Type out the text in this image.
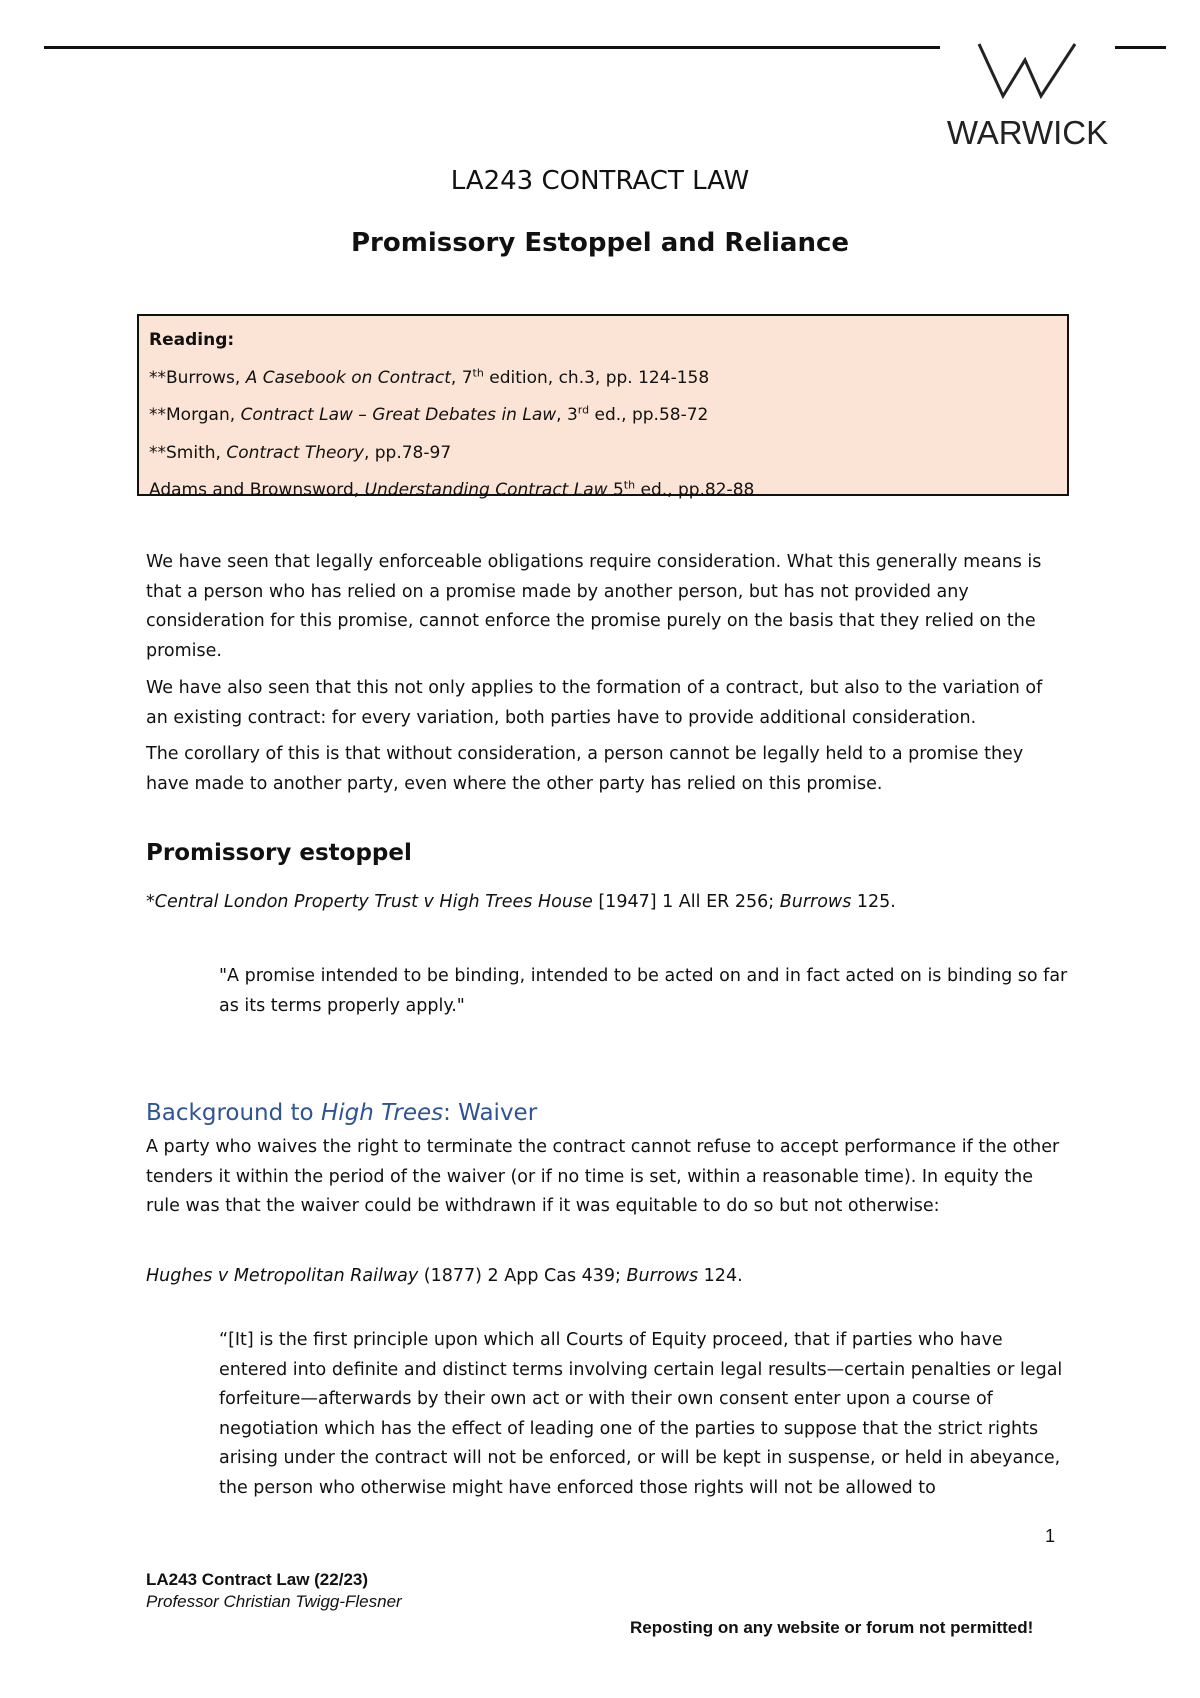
WARWICK
LA243 CONTRACT LAW
Promissory Estoppel and Reliance
Reading:
**Burrows, A Casebook on Contract, 7th edition, ch.3, pp. 124-158
**Morgan, Contract Law – Great Debates in Law, 3rd ed., pp.58-72
**Smith, Contract Theory, pp.78-97
Adams and Brownsword, Understanding Contract Law 5th ed., pp.82-88
We have seen that legally enforceable obligations require consideration. What this generally means is that a person who has relied on a promise made by another person, but has not provided any consideration for this promise, cannot enforce the promise purely on the basis that they relied on the promise.
We have also seen that this not only applies to the formation of a contract, but also to the variation of an existing contract: for every variation, both parties have to provide additional consideration.
The corollary of this is that without consideration, a person cannot be legally held to a promise they have made to another party, even where the other party has relied on this promise.
Promissory estoppel
*Central London Property Trust v High Trees House [1947] 1 All ER 256; Burrows 125.
"A promise intended to be binding, intended to be acted on and in fact acted on is binding so far as its terms properly apply."
Background to High Trees: Waiver
A party who waives the right to terminate the contract cannot refuse to accept performance if the other tenders it within the period of the waiver (or if no time is set, within a reasonable time). In equity the rule was that the waiver could be withdrawn if it was equitable to do so but not otherwise:
Hughes v Metropolitan Railway (1877) 2 App Cas 439; Burrows 124.
“[It] is the first principle upon which all Courts of Equity proceed, that if parties who have entered into definite and distinct terms involving certain legal results—certain penalties or legal forfeiture—afterwards by their own act or with their own consent enter upon a course of negotiation which has the effect of leading one of the parties to suppose that the strict rights arising under the contract will not be enforced, or will be kept in suspense, or held in abeyance, the person who otherwise might have enforced those rights will not be allowed to
1
LA243 Contract Law (22/23)
Professor Christian Twigg-Flesner
Reposting on any website or forum not permitted!
